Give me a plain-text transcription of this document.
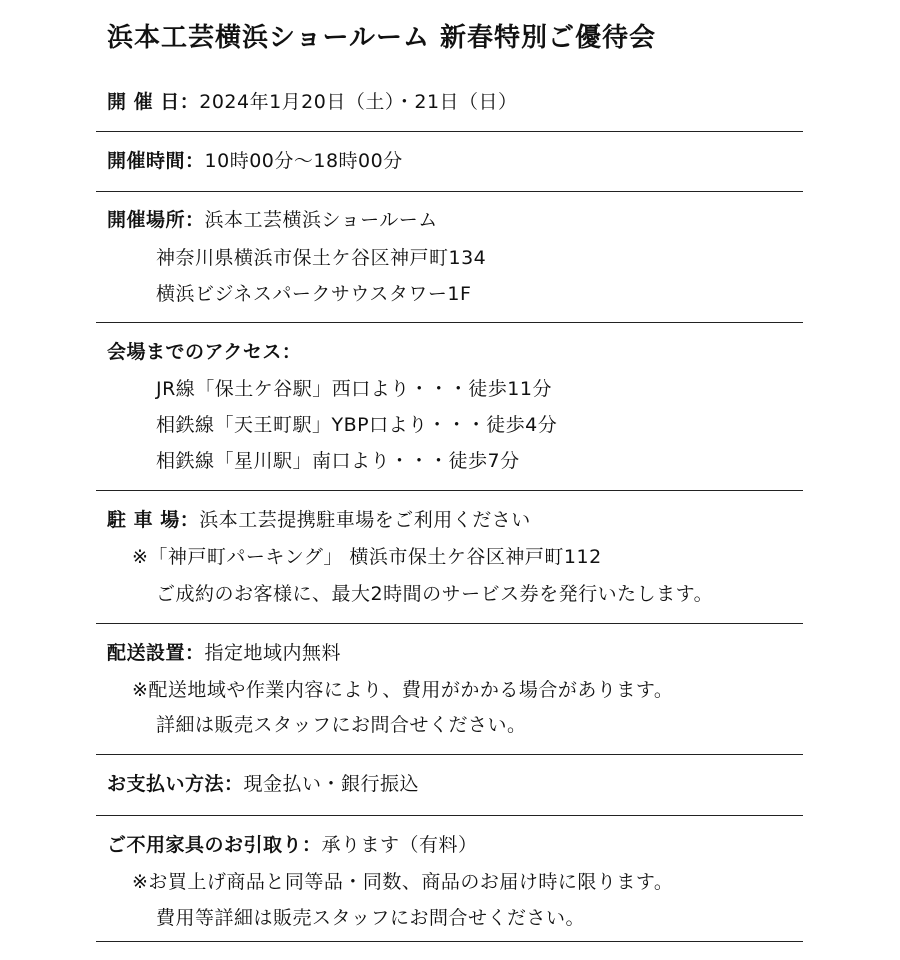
浜本工芸横浜ショールーム 新春特別ご優待会
開 催 日：2024年1月20日（土）・21日（日）
開催時間：10時00分～18時00分
開催場所：浜本工芸横浜ショールーム
神奈川県横浜市保土ケ谷区神戸町134
横浜ビジネスパークサウスタワー1F
会場までのアクセス：
JR線「保土ケ谷駅」西口より・・・徒歩11分
相鉄線「天王町駅」YBP口より・・・徒歩4分
相鉄線「星川駅」南口より・・・徒歩7分
駐 車 場：浜本工芸提携駐車場をご利用ください
※「神戸町パーキング」 横浜市保土ケ谷区神戸町112
ご成約のお客様に、最大2時間のサービス券を発行いたします。
配送設置：指定地域内無料
※配送地域や作業内容により、費用がかかる場合があります。
詳細は販売スタッフにお問合せください。
お支払い方法：現金払い・銀行振込
ご不用家具のお引取り：承ります（有料）
※お買上げ商品と同等品・同数、商品のお届け時に限ります。
費用等詳細は販売スタッフにお問合せください。
